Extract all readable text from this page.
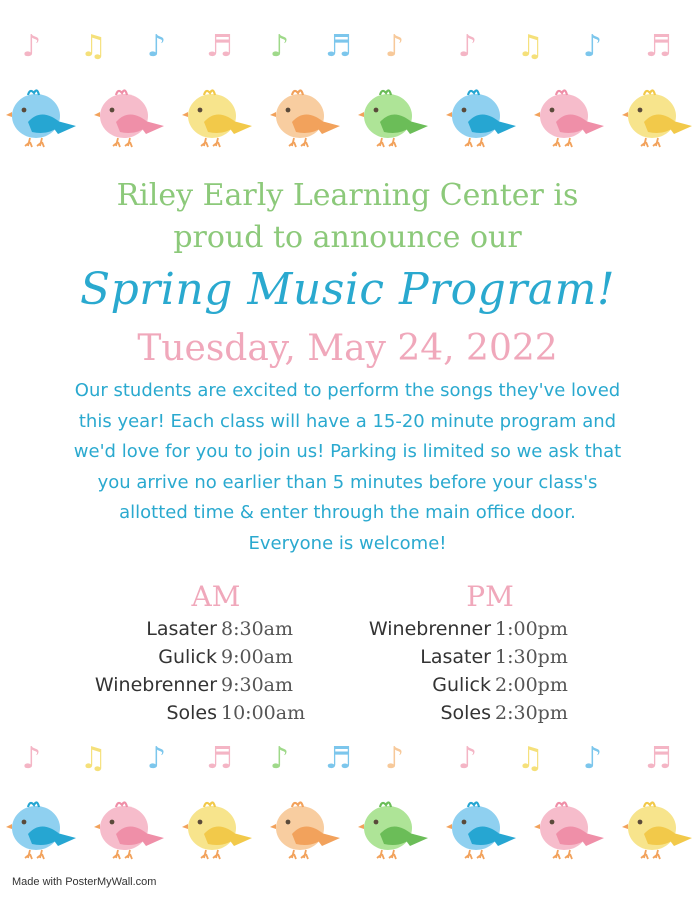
♪ ♫ ♪ ♬ ♪ ♬ ♪ ♪ ♫ ♪ ♬
Riley Early Learning Center is
proud to announce our
Spring Music Program!
Tuesday, May 24, 2022
Our students are excited to perform the songs they've loved
this year! Each class will have a 15-20 minute program and
we'd love for you to join us! Parking is limited so we ask that
you arrive no earlier than 5 minutes before your class's
allotted time & enter through the main office door.
Everyone is welcome!
AM	PM
Lasater 8:30am
Gulick 9:00am
Winebrenner 9:30am
Soles 10:00am
Winebrenner 1:00pm
Lasater 1:30pm
Gulick 2:00pm
Soles 2:30pm
♪ ♫ ♪ ♬ ♪ ♬ ♪ ♪ ♫ ♪ ♬
Made with PosterMyWall.com
